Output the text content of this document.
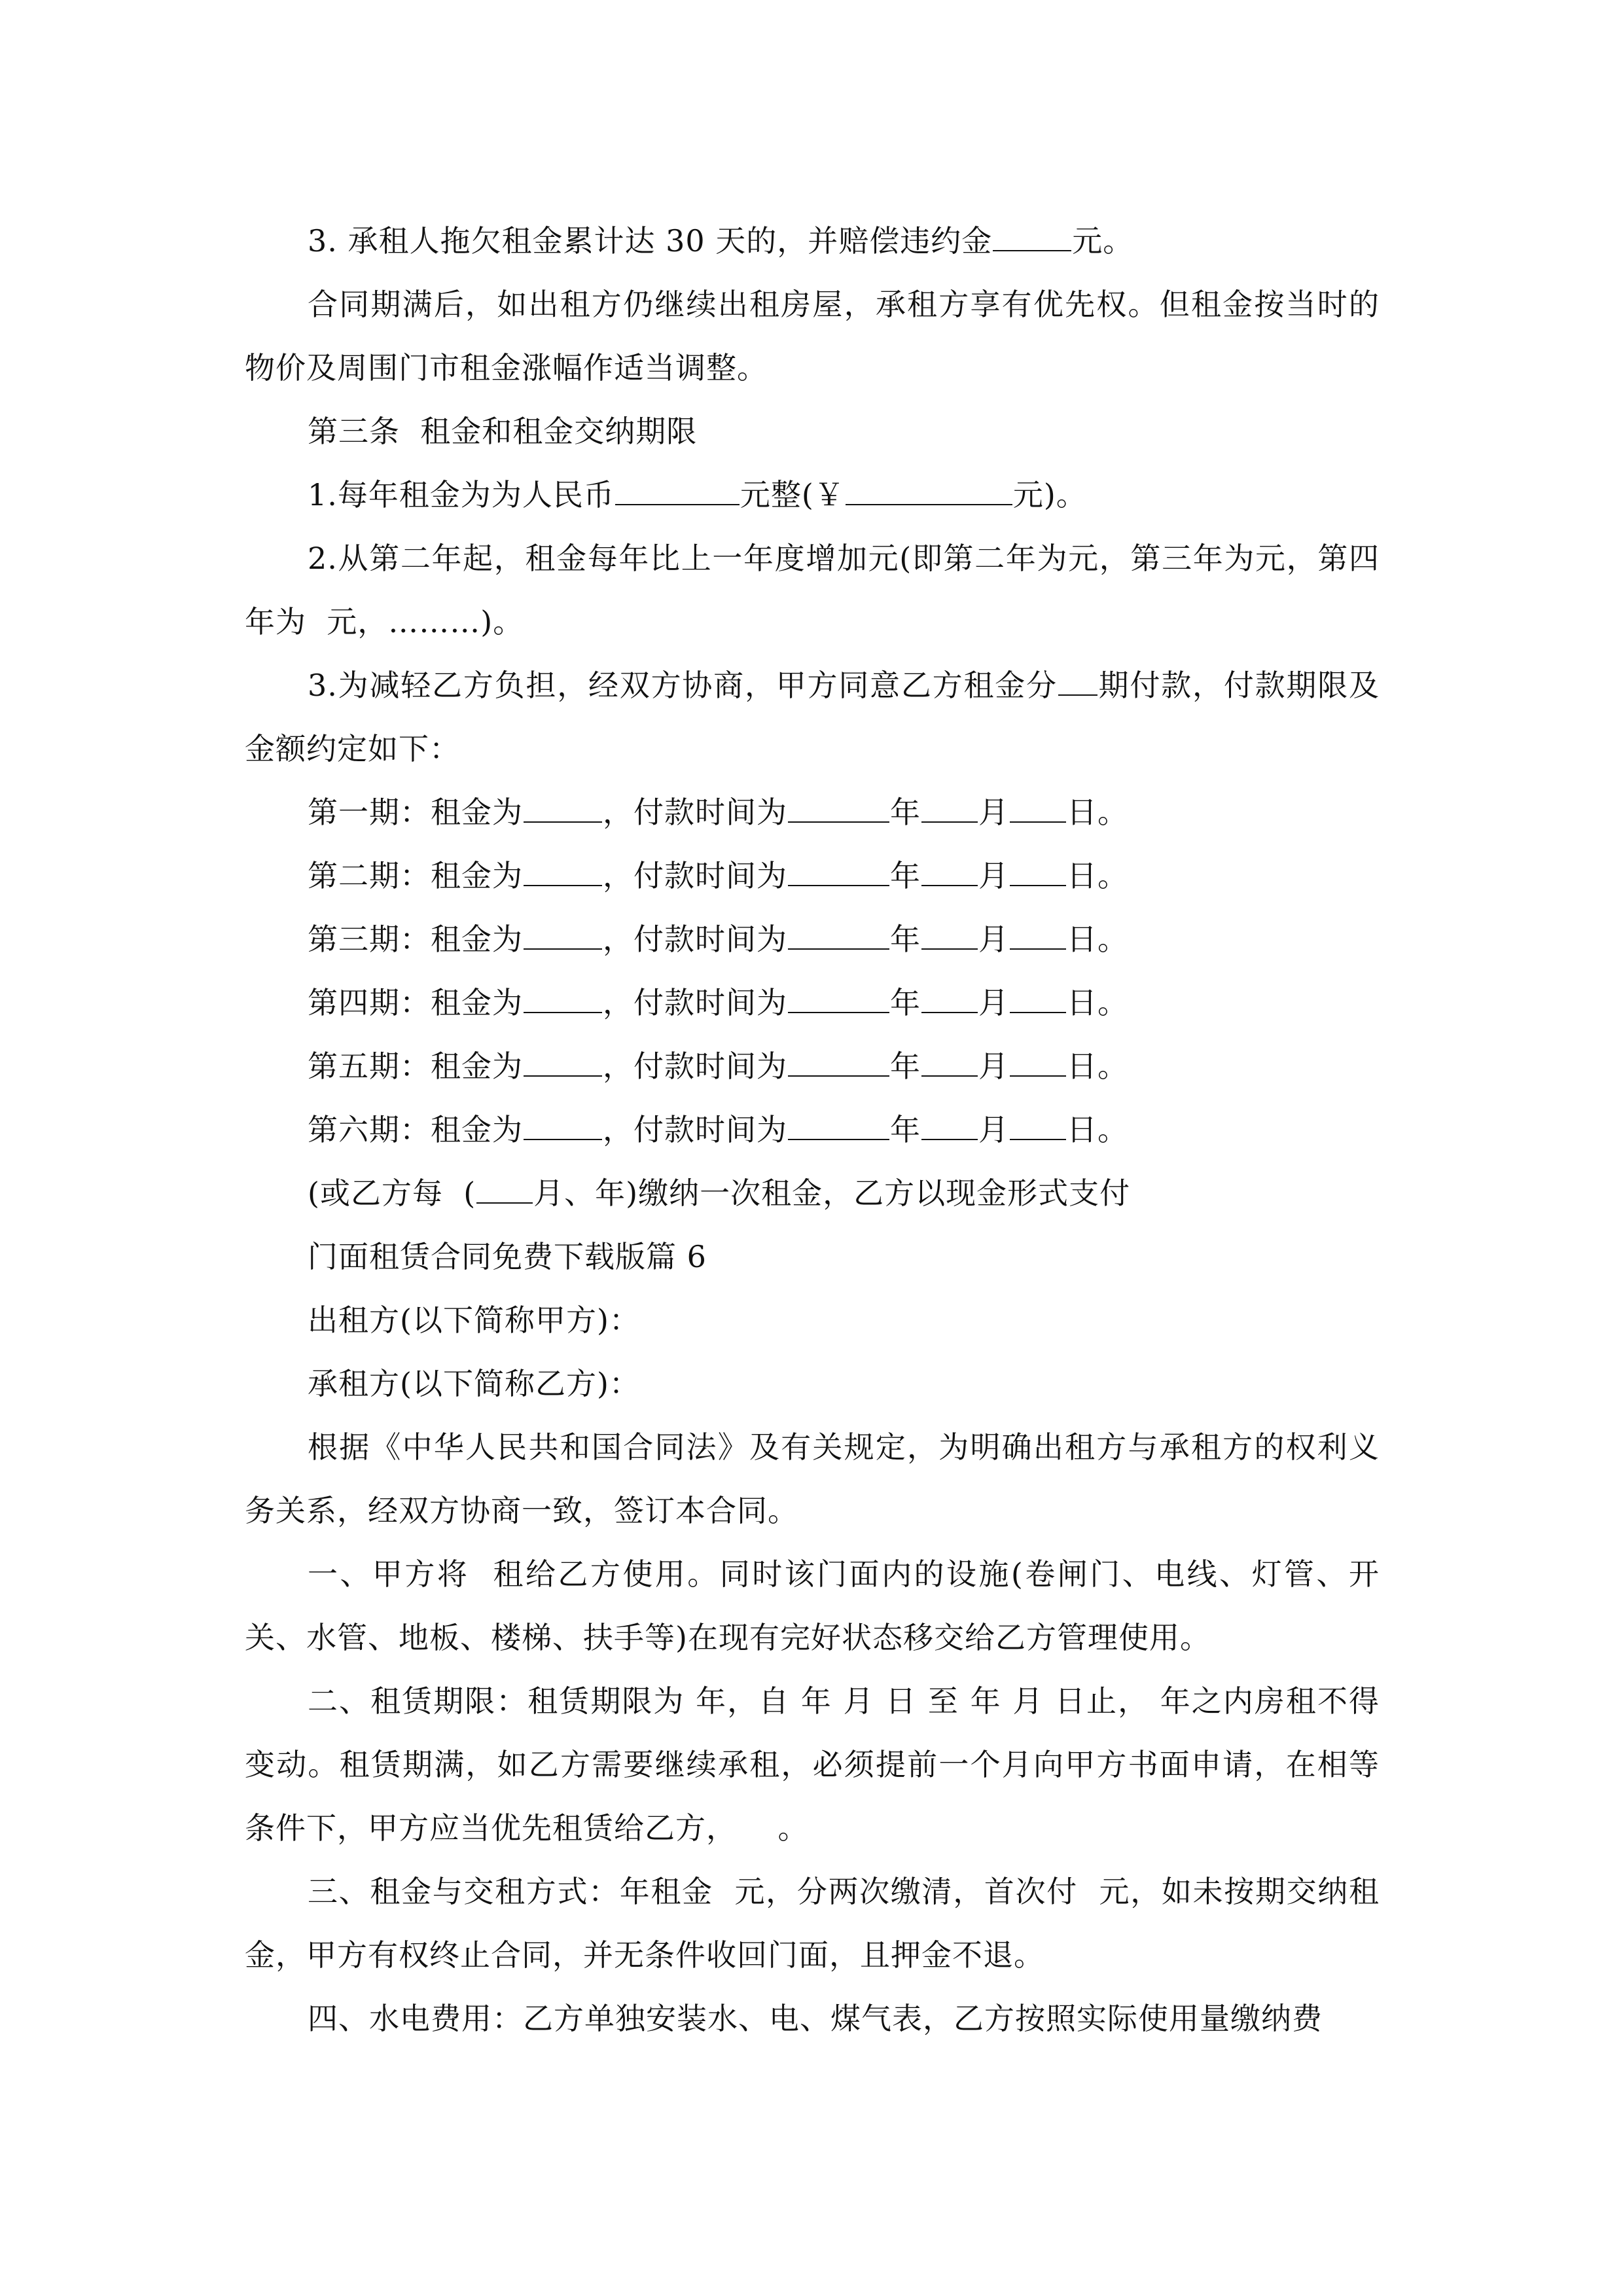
3. 承租人拖欠租金累计达 30 天的，并赔偿违约金	元。

合同期满后，如出租方仍继续出租房屋，承租方享有优先权。但租金按当时的物价及周围门市租金涨幅作适当调整。

第三条  租金和租金交纳期限

1.每年租金为为人民币	元整(￥	元)。

2.从第二年起，租金每年比上一年度增加元(即第二年为元，第三年为元，第四年为  元，………)。

3.为减轻乙方负担，经双方协商，甲方同意乙方租金分 期付款，付款期限及金额约定如下：

第一期：租金为	，付款时间为	年 月 日。

第二期：租金为	，付款时间为	年 月 日。

第三期：租金为	，付款时间为	年 月 日。

第四期：租金为	，付款时间为	年 月 日。

第五期：租金为	，付款时间为	年 月 日。

第六期：租金为	，付款时间为	年 月 日。

(或乙方每  ( 月、年)缴纳一次租金，乙方以现金形式支付

门面租赁合同免费下载版篇 6

出租方(以下简称甲方)：

承租方(以下简称乙方)：

根据《中华人民共和国合同法》及有关规定，为明确出租方与承租方的权利义务关系，经双方协商一致，签订本合同。

一、甲方将  租给乙方使用。同时该门面内的设施(卷闸门、电线、灯管、开关、水管、地板、楼梯、扶手等)在现有完好状态移交给乙方管理使用。

二、租赁期限：租赁期限为 年，自 年 月 日 至 年 月 日止， 年之内房租不得变动。租赁期满，如乙方需要继续承租，必须提前一个月向甲方书面申请，在相等条件下，甲方应当优先租赁给乙方，    。

三、租金与交租方式：年租金  元，分两次缴清，首次付  元，如未按期交纳租金，甲方有权终止合同，并无条件收回门面，且押金不退。

四、水电费用：乙方单独安装水、电、煤气表，乙方按照实际使用量缴纳费
